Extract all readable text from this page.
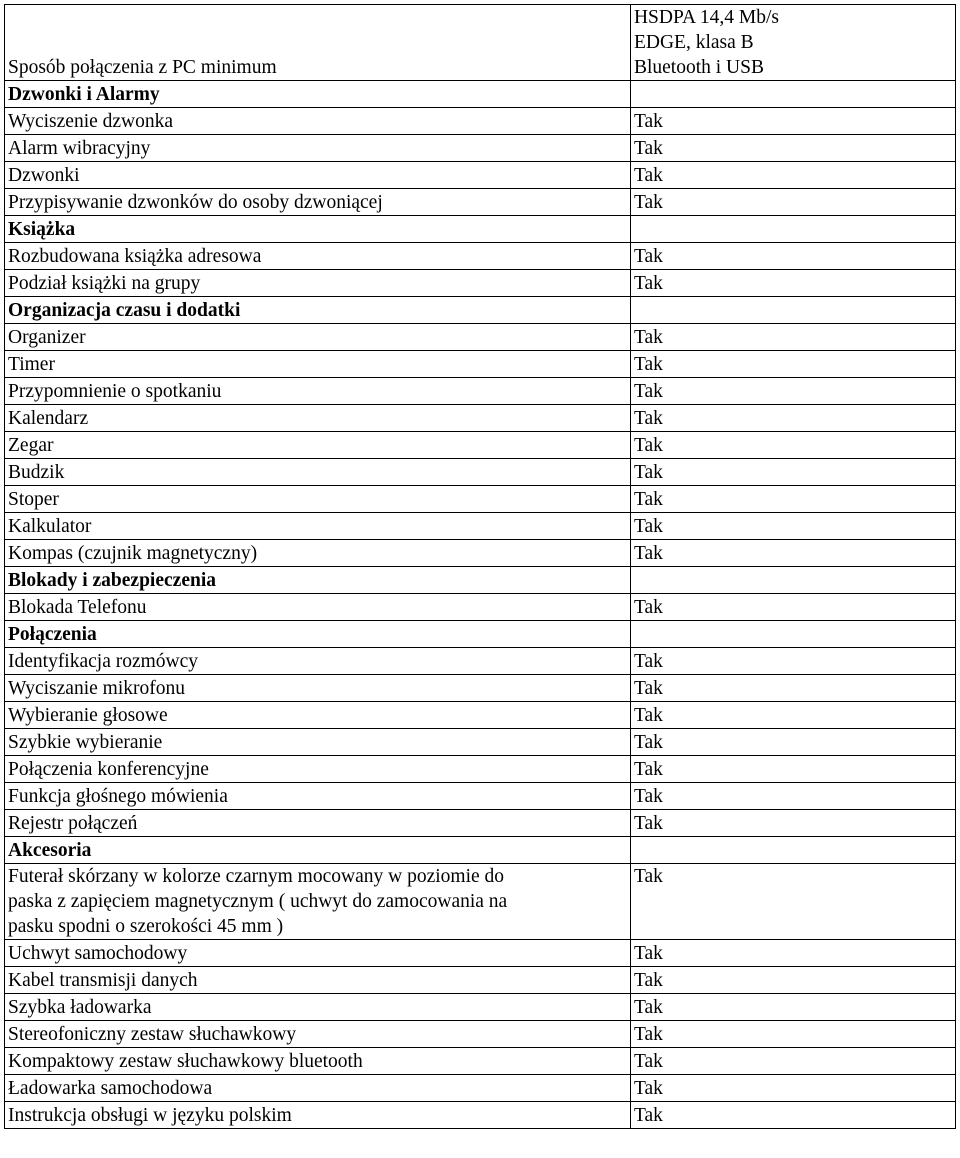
Sposób połączenia z PC minimum	HSDPA 14,4 Mb/s
EDGE, klasa B
Bluetooth i USB

Dzwonki i Alarmy	
Wyciszenie dzwonka	Tak
Alarm wibracyjny	Tak
Dzwonki	Tak
Przypisywanie dzwonków do osoby dzwoniącej	Tak
Książka	
Rozbudowana książka adresowa	Tak
Podział książki na grupy	Tak
Organizacja czasu i dodatki	
Organizer	Tak
Timer	Tak
Przypomnienie o spotkaniu	Tak
Kalendarz	Tak
Zegar	Tak
Budzik	Tak
Stoper	Tak
Kalkulator	Tak
Kompas (czujnik magnetyczny)	Tak
Blokady i zabezpieczenia	
Blokada Telefonu	Tak
Połączenia	
Identyfikacja rozmówcy	Tak
Wyciszanie mikrofonu	Tak
Wybieranie głosowe	Tak
Szybkie wybieranie	Tak
Połączenia konferencyjne	Tak
Funkcja głośnego mówienia	Tak
Rejestr połączeń	Tak
Akcesoria	

Futerał skórzany w kolorze czarnym mocowany w poziomie do
paska z zapięciem magnetycznym ( uchwyt do zamocowania na
pasku spodni o szerokości 45 mm )	Tak
Uchwyt samochodowy	Tak
Kabel transmisji danych	Tak
Szybka ładowarka	Tak
Stereofoniczny zestaw słuchawkowy	Tak
Kompaktowy zestaw słuchawkowy bluetooth	Tak
Ładowarka samochodowa	Tak
Instrukcja obsługi w języku polskim	Tak
